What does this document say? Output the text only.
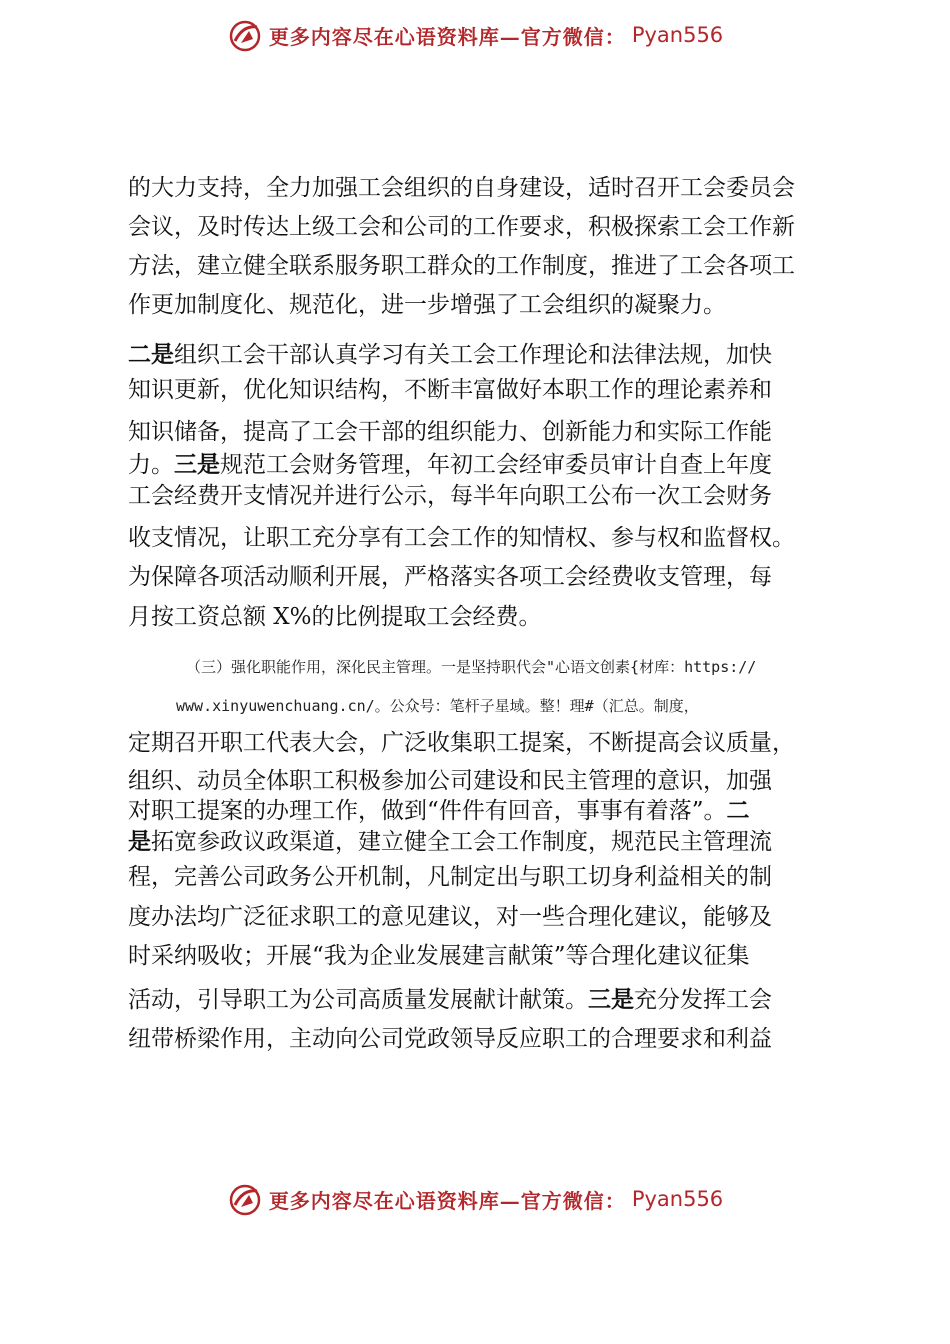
更多内容尽在心语资料库—官方微信： Pyan556
的大力支持，全力加强工会组织的自身建设，适时召开工会委员会
会议，及时传达上级工会和公司的工作要求，积极探索工会工作新
方法，建立健全联系服务职工群众的工作制度，推进了工会各项工
作更加制度化、规范化，进一步增强了工会组织的凝聚力。
二是组织工会干部认真学习有关工会工作理论和法律法规，加快
知识更新，优化知识结构，不断丰富做好本职工作的理论素养和
知识储备，提高了工会干部的组织能力、创新能力和实际工作能
力。三是规范工会财务管理，年初工会经审委员审计自查上年度
工会经费开支情况并进行公示，每半年向职工公布一次工会财务
收支情况，让职工充分享有工会工作的知情权、参与权和监督权。
为保障各项活动顺利开展，严格落实各项工会经费收支管理，每
月按工资总额 X%的比例提取工会经费。
（三）强化职能作用，深化民主管理。一是坚持职代会"心语文创素{材库：https://
www.xinyuwenchuang.cn/。公众号：笔杆子星域。整！理#（汇总。制度，
定期召开职工代表大会，广泛收集职工提案，不断提高会议质量，
组织、动员全体职工积极参加公司建设和民主管理的意识，加强
对职工提案的办理工作，做到“件件有回音，事事有着落”。二
是拓宽参政议政渠道，建立健全工会工作制度，规范民主管理流
程，完善公司政务公开机制，凡制定出与职工切身利益相关的制
度办法均广泛征求职工的意见建议，对一些合理化建议，能够及
时采纳吸收；开展“我为企业发展建言献策”等合理化建议征集
活动，引导职工为公司高质量发展献计献策。三是充分发挥工会
纽带桥梁作用，主动向公司党政领导反应职工的合理要求和利益
更多内容尽在心语资料库—官方微信： Pyan556
